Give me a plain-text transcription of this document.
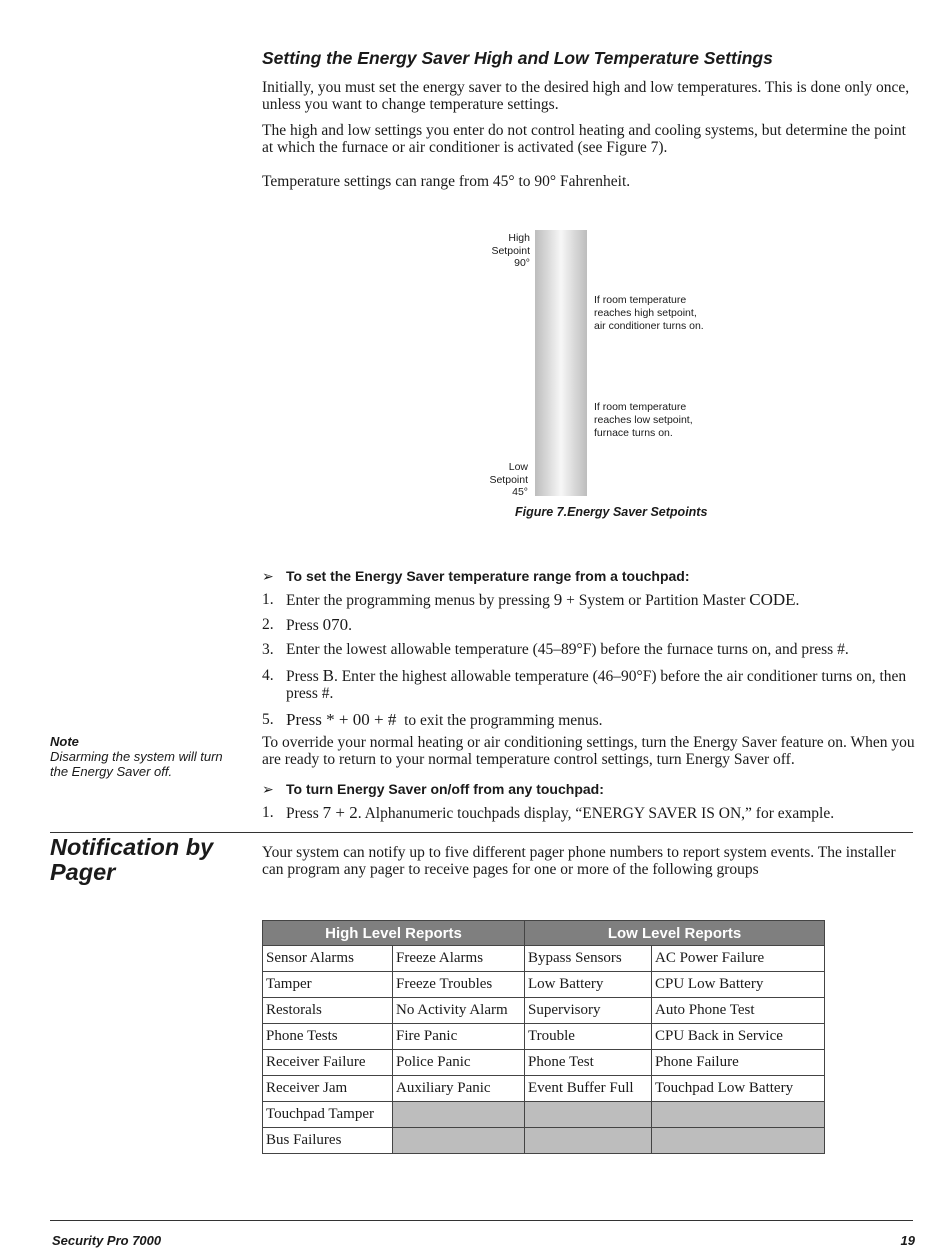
Setting the Energy Saver High and Low Temperature Settings
Initially, you must set the energy saver to the desired high and low temperatures. This is done only once, unless you want to change temperature settings.
The high and low settings you enter do not control heating and cooling systems, but determine the point at which the furnace or air conditioner is activated (see Figure 7).
Temperature settings can range from 45° to 90° Fahrenheit.
High
Setpoint
90°
Low
Setpoint
45°
If room temperature
reaches high setpoint,
air conditioner turns on.
If room temperature
reaches low setpoint,
furnace turns on.
Figure 7.Energy Saver Setpoints
➢ To set the Energy Saver temperature range from a touchpad:
1. Enter the programming menus by pressing 9 + System or Partition Master CODE.
2. Press 070.
3. Enter the lowest allowable temperature (45–89°F) before the furnace turns on, and press #.
4. Press B. Enter the highest allowable temperature (46–90°F) before the air conditioner turns on, then press #.
5. Press * + 00 + #  to exit the programming menus.
Note
Disarming the system will turn the Energy Saver off.
To override your normal heating or air conditioning settings, turn the Energy Saver feature on. When you are ready to return to your normal temperature control settings, turn Energy Saver off.
➢ To turn Energy Saver on/off from any touchpad:
1. Press 7 + 2. Alphanumeric touchpads display, “ENERGY SAVER IS ON,” for example.
Notification by Pager
Your system can notify up to five different pager phone numbers to report system events. The installer can program any pager to receive pages for one or more of the following groups
High Level Reports		Low Level Reports	
Sensor Alarms	Freeze Alarms	Bypass Sensors	AC Power Failure
Tamper	Freeze Troubles	Low Battery	CPU Low Battery
Restorals	No Activity Alarm	Supervisory	Auto Phone Test
Phone Tests	Fire Panic	Trouble	CPU Back in Service
Receiver Failure	Police Panic	Phone Test	Phone Failure
Receiver Jam	Auxiliary Panic	Event Buffer Full	Touchpad Low Battery
Touchpad Tamper			
Bus Failures			
Security Pro 7000	19
